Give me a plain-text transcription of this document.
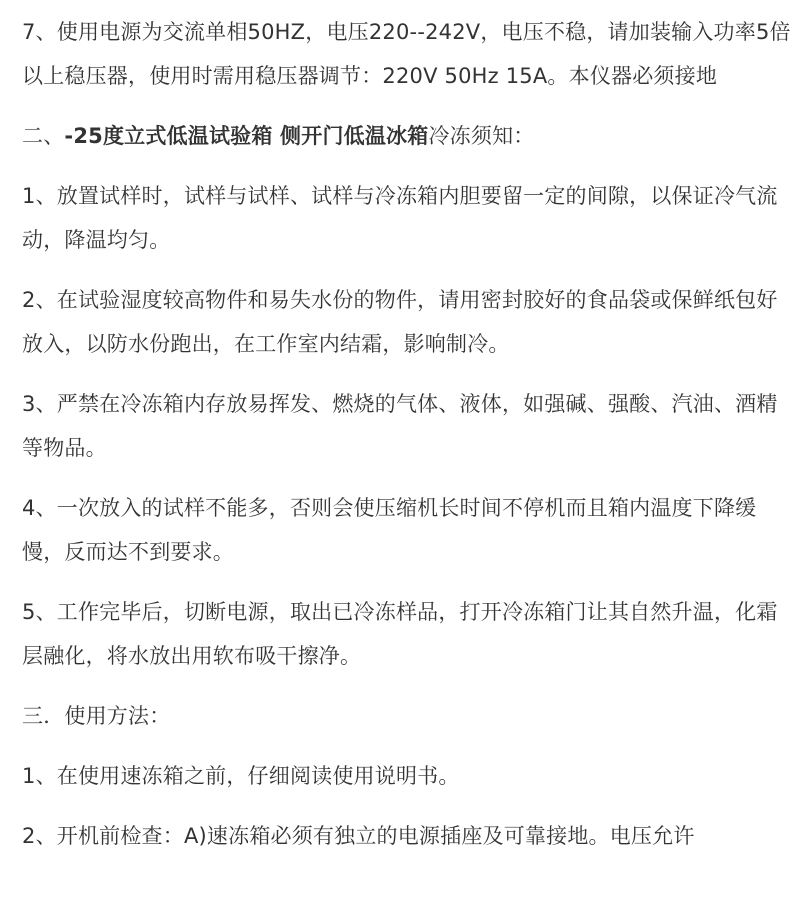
7、使用电源为交流单相50HZ，电压220--242V，电压不稳，请加装输入功率5倍以上稳压器，使用时需用稳压器调节：220V 50Hz 15A。本仪器必须接地

二、-25度立式低温试验箱 侧开门低温冰箱冷冻须知：

1、放置试样时，试样与试样、试样与冷冻箱内胆要留一定的间隙，以保证冷气流动，降温均匀。

2、在试验湿度较高物件和易失水份的物件，请用密封胶好的食品袋或保鲜纸包好放入，以防水份跑出，在工作室内结霜，影响制冷。

3、严禁在冷冻箱内存放易挥发、燃烧的气体、液体，如强碱、强酸、汽油、酒精等物品。

4、一次放入的试样不能多，否则会使压缩机长时间不停机而且箱内温度下降缓慢，反而达不到要求。

5、工作完毕后，切断电源，取出已冷冻样品，打开冷冻箱门让其自然升温，化霜层融化，将水放出用软布吸干擦净。

三．使用方法：

1、在使用速冻箱之前，仔细阅读使用说明书。

2、开机前检查：A)速冻箱必须有独立的电源插座及可靠接地。电压允许
